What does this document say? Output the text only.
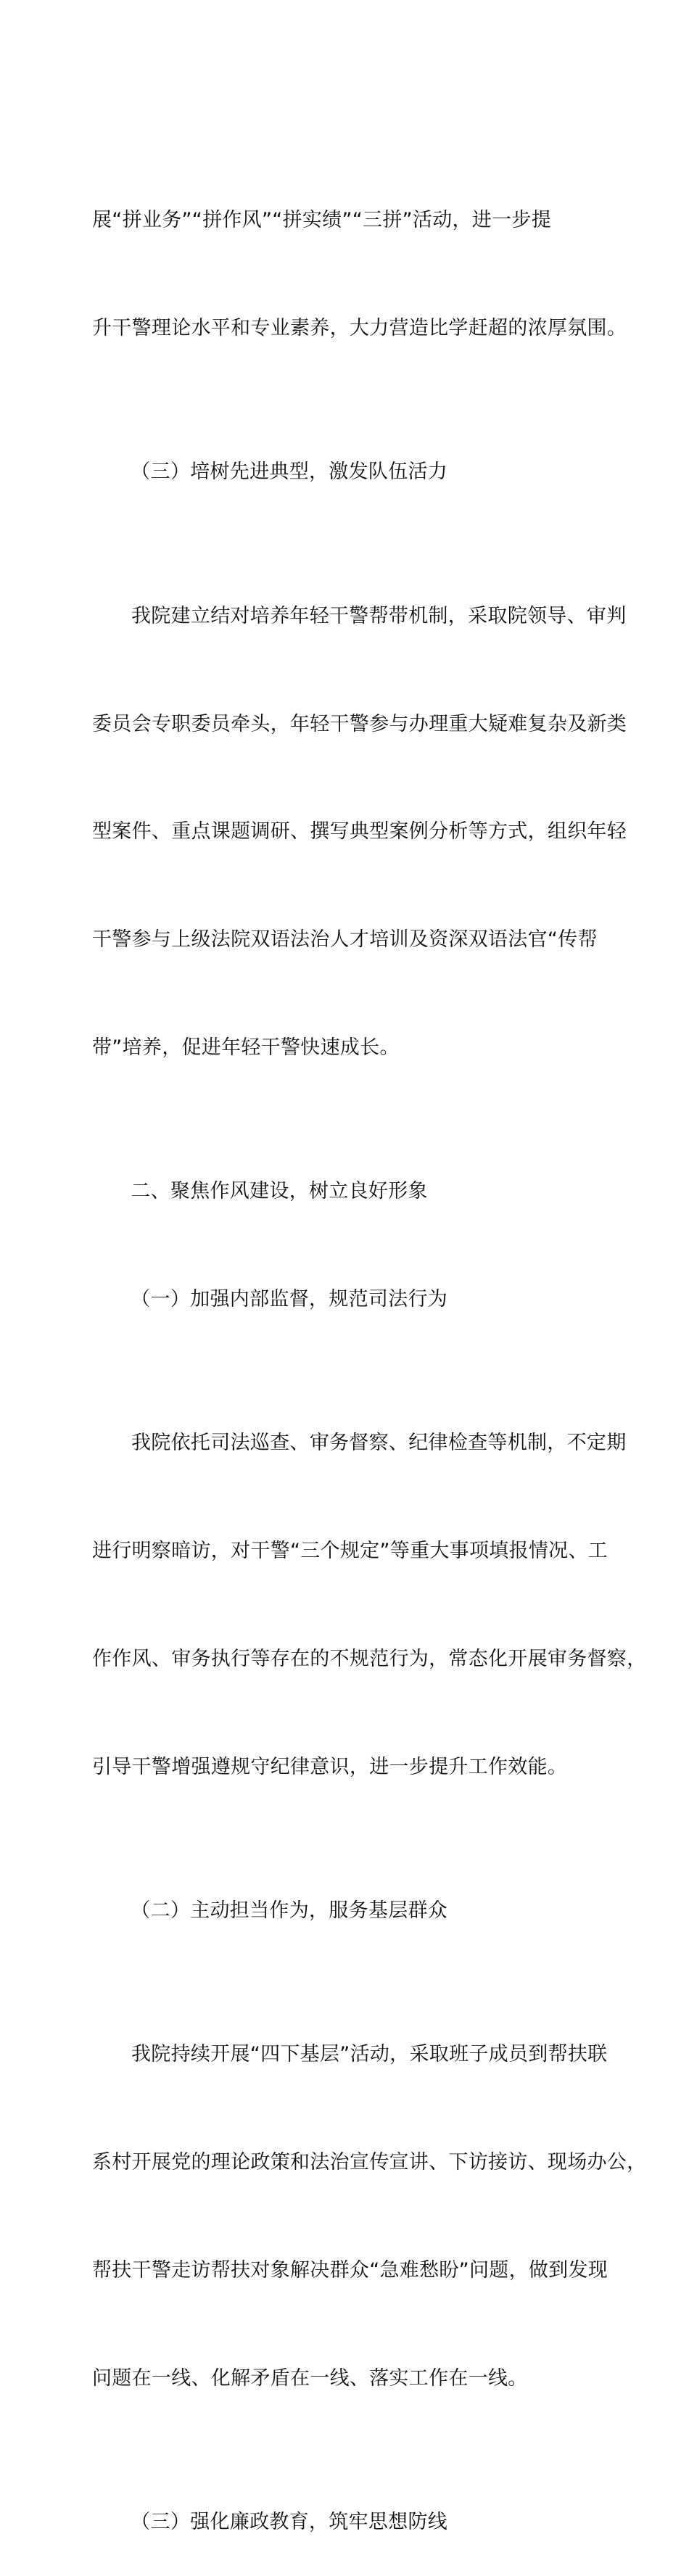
展“拼业务”“拼作风”“拼实绩”“三拼”活动，进一步提

升干警理论水平和专业素养，大力营造比学赶超的浓厚氛围。

（三）培树先进典型，激发队伍活力

我院建立结对培养年轻干警帮带机制，采取院领导、审判

委员会专职委员牵头，年轻干警参与办理重大疑难复杂及新类

型案件、重点课题调研、撰写典型案例分析等方式，组织年轻

干警参与上级法院双语法治人才培训及资深双语法官“传帮

带”培养，促进年轻干警快速成长。

二、聚焦作风建设，树立良好形象

（一）加强内部监督，规范司法行为

我院依托司法巡查、审务督察、纪律检查等机制，不定期

进行明察暗访，对干警“三个规定”等重大事项填报情况、工

作作风、审务执行等存在的不规范行为，常态化开展审务督察，

引导干警增强遵规守纪律意识，进一步提升工作效能。

（二）主动担当作为，服务基层群众

我院持续开展“四下基层”活动，采取班子成员到帮扶联

系村开展党的理论政策和法治宣传宣讲、下访接访、现场办公，

帮扶干警走访帮扶对象解决群众“急难愁盼”问题，做到发现

问题在一线、化解矛盾在一线、落实工作在一线。

（三）强化廉政教育，筑牢思想防线
